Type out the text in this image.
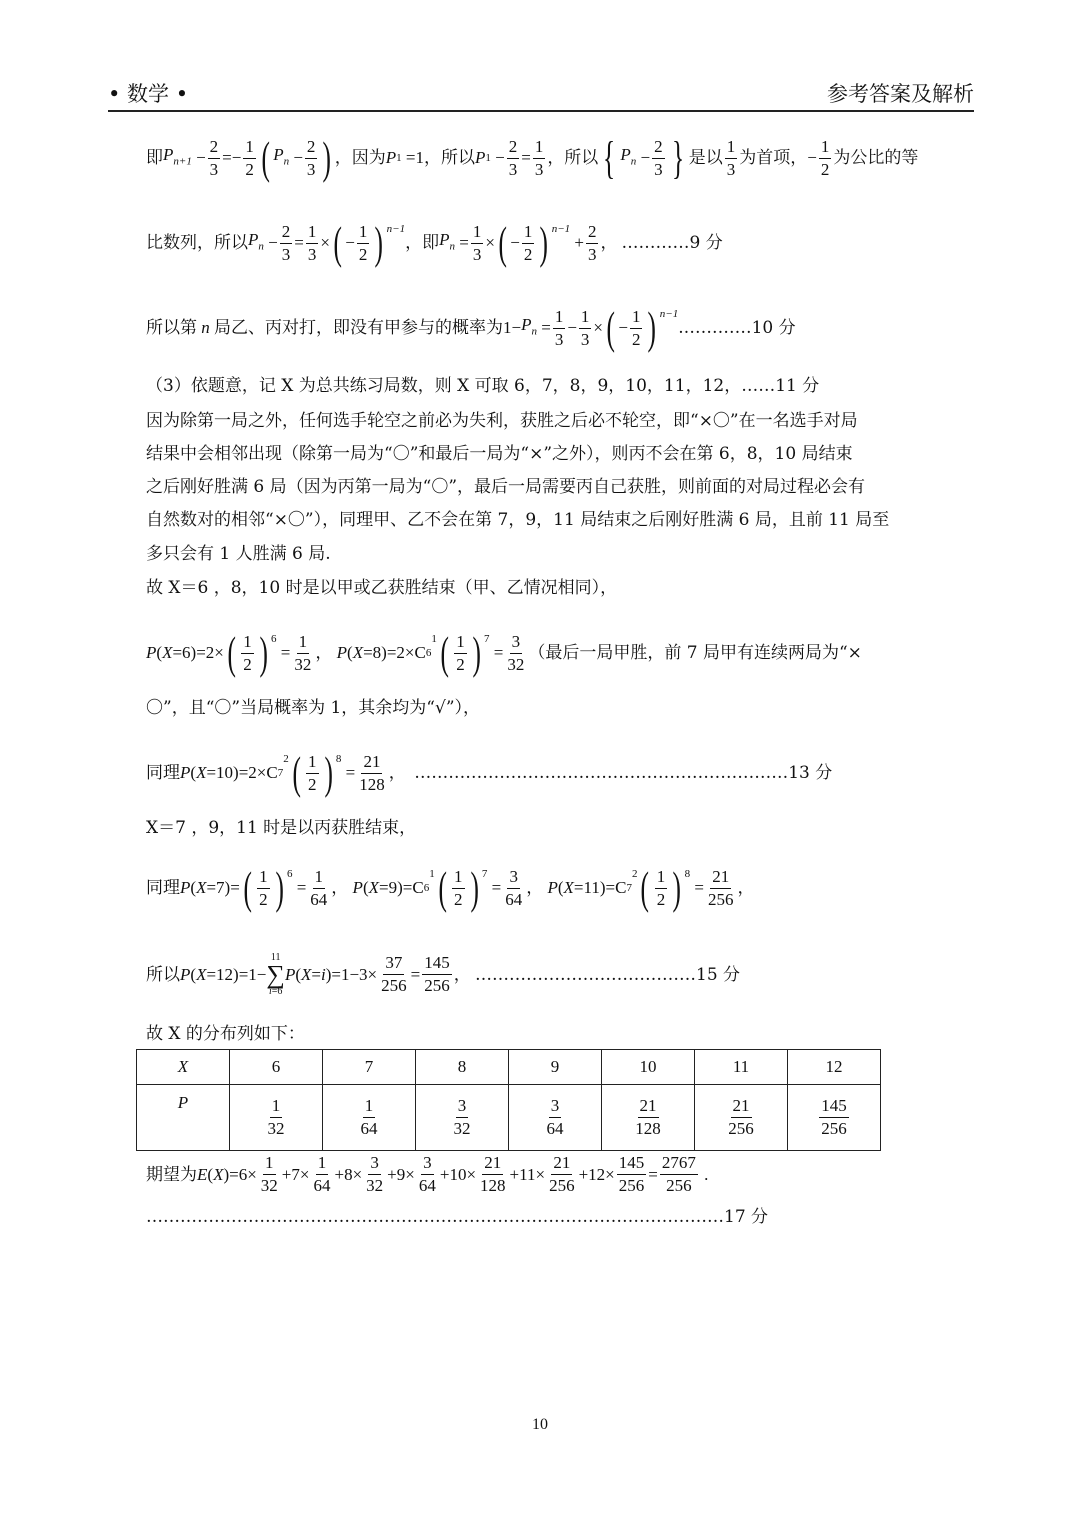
• 数学 •	参考答案及解析
即 $P_{n+1} - \frac{2}{3} =- \frac{1}{2}$ ( $P_n - \frac{2}{3}$ ) ，因为 P 1 =1 ，所以 P $1 - \frac{2}{3} = \frac{1}{3}$ ，所以 { $P_n - \frac{2}{3}$ } 是以 $\frac{1}{3}$ 为首项， − $\frac{1}{2}$ 为公比的等
比数列，所以 $P_n - \frac{2}{3} = \frac{1}{3}$ × ( − $\frac{1}{2}$ ) $^{n-1}$
，即 $P_n = \frac{1}{3}$ × ( − $\frac{1}{2}$ ) $^{n-1}$
+ $\frac{2}{3}$ ， …………9 分
所以第 n 局乙、丙对打，即没有甲参与的概率为 $1- P_n = \frac{1}{3} - \frac{1}{3}$ × ( − $\frac{1}{2}$ ) $^{n-1}$
.…………10 分
（3）依题意，记 X 为总共练习局数，则 X 可取 6，7，8，9，10，11，12，……11 分
因为除第一局之外，任何选手轮空之前必为失利，获胜之后必不轮空，即“×〇”在一名选手对局
结果中会相邻出现（除第一局为“〇”和最后一局为“×”之外），则丙不会在第 6，8，10 局结束
之后刚好胜满 6 局（因为丙第一局为“〇”，最后一局需要丙自己获胜，则前面的对局过程必会有
自然数对的相邻“×〇”），同理甲、乙不会在第 7，9，11 局结束之后刚好胜满 6 局，且前 11 局至
多只会有 1 人胜满 6 局.
故 X＝6 ，8，10 时是以甲或乙获胜结束（甲、乙情况相同），
P ( X =6)=2× ( $\frac{1}{2}$ ) $^6$
= $\frac{1}{32}$ ， P ( X =8)=2×C 6
$^1$ ( $\frac{1}{2}$ ) $^7$
= $\frac{3}{32}$ （最后一局甲胜，前 7 局甲有连续两局为“×
〇”，且“〇”当局概率为 1，其余均为“√”），
同理 P ( X =10)=2×C 7
$^2$ ( $\frac{1}{2}$ ) $^8$
= $\frac{21}{128}$ ， …………………………………………………………13 分
X＝7 ，9，11 时是以丙获胜结束，
同理 P ( X =7)= ( $\frac{1}{2}$ ) $^6$
= $\frac{1}{64}$ ， P ( X =9)=C 6
$^1$ ( $\frac{1}{2}$ ) $^7$
= $\frac{3}{64}$ ， P ( X =11)=C 7
$^2$ ( $\frac{1}{2}$ ) $^8$
= $\frac{21}{256}$ ，
所以 P ( X =12)=1−
11
∑
i=6
P ( X = i )$=1-3\times \frac{37}{256} = \frac{145}{256}$ ， …………………………………15 分
故 X 的分布列如下：
X	6	7	8	9	10	11	12
P	$\frac{1}{32}$	$\frac{1}{64}$	$\frac{3}{32}$	$\frac{3}{64}$	$\frac{21}{128}$	$\frac{21}{256}$	$\frac{145}{256}$
期望为 E ( X )$=6\times \frac{1}{32} +7\times \frac{1}{64} +8\times \frac{3}{32} +9\times \frac{3}{64} +10\times \frac{21}{128} +11\times \frac{21}{256} +12\times \frac{145}{256} = \frac{2767}{256}$ .
…………………………………………………………………………………………17 分
10
